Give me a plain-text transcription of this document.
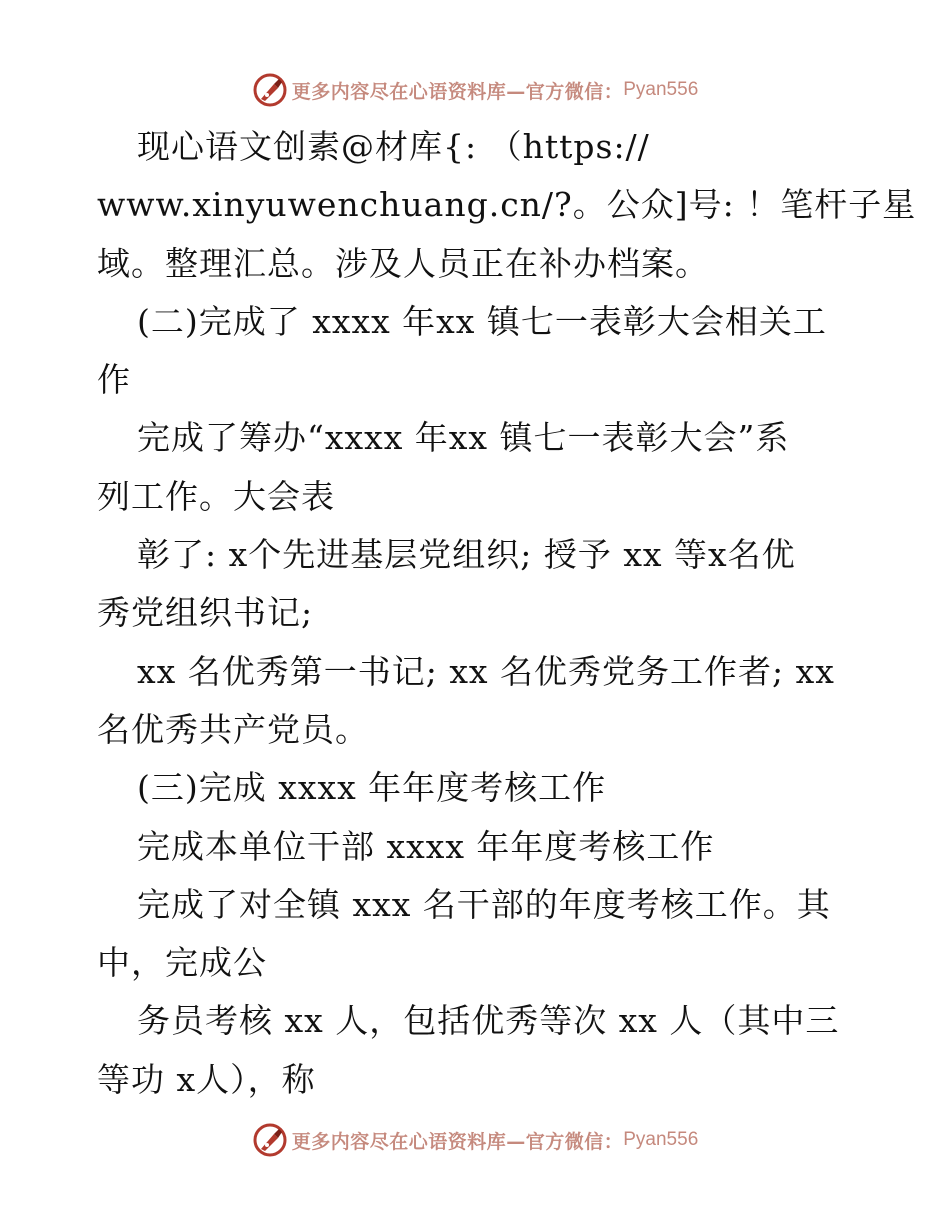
更多内容尽在心语资料库—官方微信： Pyan556
现心语文创素@材库{: （https://
www.xinyuwenchuang.cn/?。公众]号: ！笔杆子星
域。整理汇总。涉及人员正在补办档案。
(二)完成了 xxxx 年xx 镇七一表彰大会相关工
作
完成了筹办“xxxx 年xx 镇七一表彰大会”系
列工作。大会表
彰了: x个先进基层党组织; 授予 xx 等x名优
秀党组织书记;
xx 名优秀第一书记; xx 名优秀党务工作者; xx
名优秀共产党员。
(三)完成 xxxx 年年度考核工作
完成本单位干部 xxxx 年年度考核工作
完成了对全镇 xxx 名干部的年度考核工作。其
中，完成公
务员考核 xx 人，包括优秀等次 xx 人（其中三
等功 x人），称
更多内容尽在心语资料库—官方微信： Pyan556
